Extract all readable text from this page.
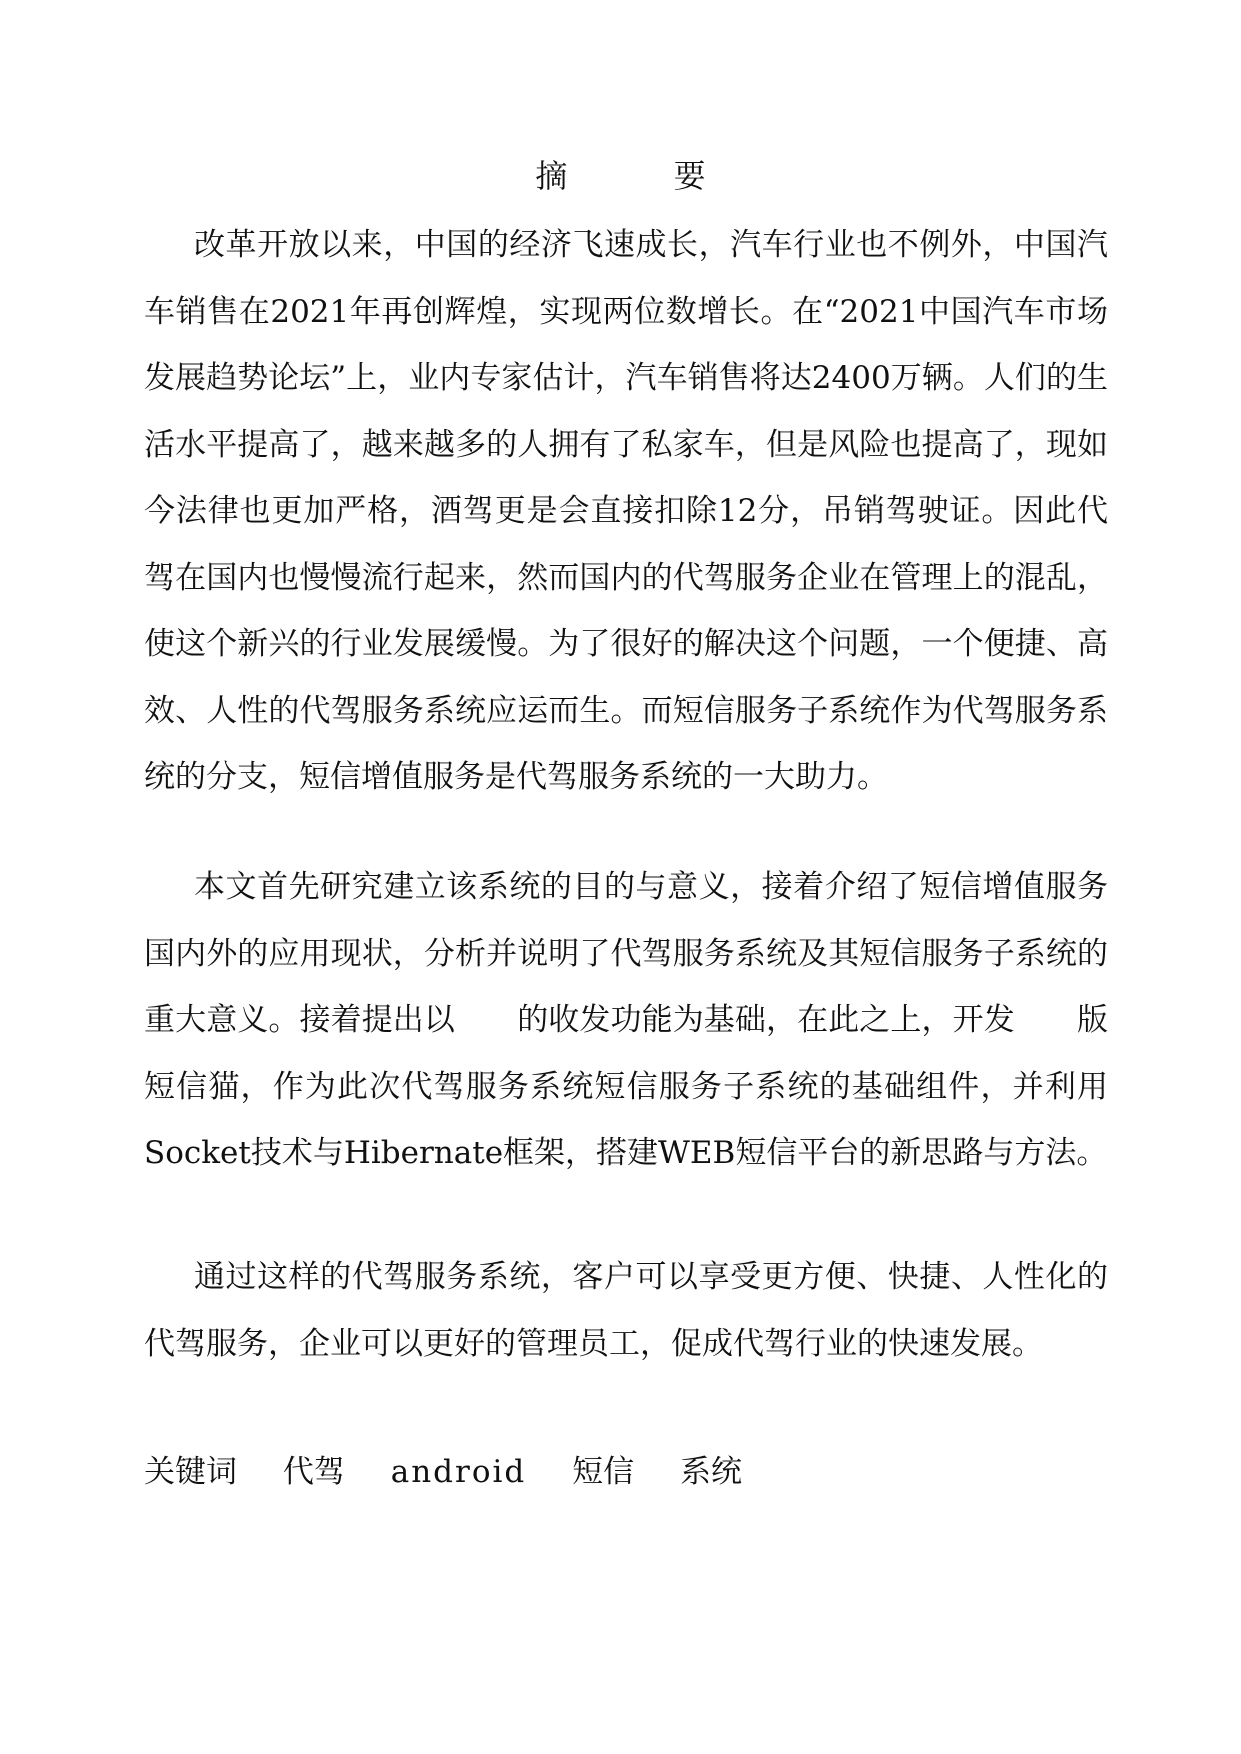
摘 要

改革开放以来，中国的经济飞速成长，汽车行业也不例外，中国汽车销售在2021年再创辉煌，实现两位数增长。在“2021中国汽车市场发展趋势论坛”上，业内专家估计，汽车销售将达2400万辆。人们的生活水平提高了，越来越多的人拥有了私家车，但是风险也提高了，现如今法律也更加严格，酒驾更是会直接扣除12分，吊销驾驶证。因此代驾在国内也慢慢流行起来，然而国内的代驾服务企业在管理上的混乱，使这个新兴的行业发展缓慢。为了很好的解决这个问题，一个便捷、高效、人性的代驾服务系统应运而生。而短信服务子系统作为代驾服务系统的分支，短信增值服务是代驾服务系统的一大助力。

本文首先研究建立该系统的目的与意义，接着介绍了短信增值服务国内外的应用现状，分析并说明了代驾服务系统及其短信服务子系统的重大意义。接着提出以　　的收发功能为基础，在此之上，开发　　版短信猫，作为此次代驾服务系统短信服务子系统的基础组件，并利用Socket技术与Hibernate框架，搭建WEB短信平台的新思路与方法。

通过这样的代驾服务系统，客户可以享受更方便、快捷、人性化的代驾服务，企业可以更好的管理员工，促成代驾行业的快速发展。

关键词 代驾 android 短信 系统
